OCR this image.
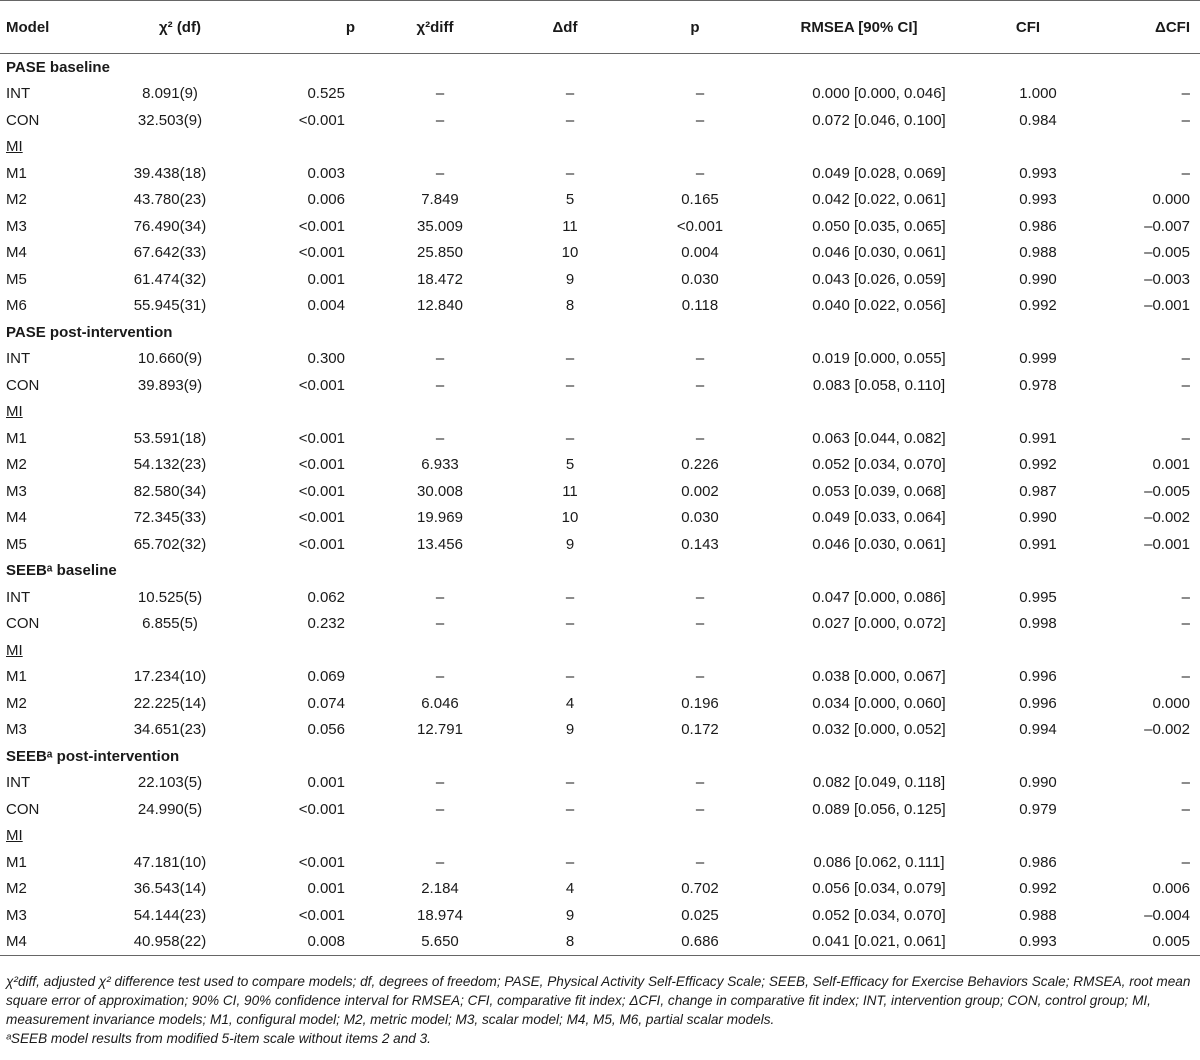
Model	χ² (df)	p	χ²diff	Δdf	p	RMSEA [90% CI]	CFI	ΔCFI
PASE baseline								
INT	8.091(9)	0.525	–	–	–	0.000 [0.000, 0.046]	1.000	–
CON	32.503(9)	<0.001	–	–	–	0.072 [0.046, 0.100]	0.984	–
MI								
M1	39.438(18)	0.003	–	–	–	0.049 [0.028, 0.069]	0.993	–
M2	43.780(23)	0.006	7.849	5	0.165	0.042 [0.022, 0.061]	0.993	0.000
M3	76.490(34)	<0.001	35.009	11	<0.001	0.050 [0.035, 0.065]	0.986	–0.007
M4	67.642(33)	<0.001	25.850	10	0.004	0.046 [0.030, 0.061]	0.988	–0.005
M5	61.474(32)	0.001	18.472	9	0.030	0.043 [0.026, 0.059]	0.990	–0.003
M6	55.945(31)	0.004	12.840	8	0.118	0.040 [0.022, 0.056]	0.992	–0.001
PASE post-intervention								
INT	10.660(9)	0.300	–	–	–	0.019 [0.000, 0.055]	0.999	–
CON	39.893(9)	<0.001	–	–	–	0.083 [0.058, 0.110]	0.978	–
MI								
M1	53.591(18)	<0.001	–	–	–	0.063 [0.044, 0.082]	0.991	–
M2	54.132(23)	<0.001	6.933	5	0.226	0.052 [0.034, 0.070]	0.992	0.001
M3	82.580(34)	<0.001	30.008	11	0.002	0.053 [0.039, 0.068]	0.987	–0.005
M4	72.345(33)	<0.001	19.969	10	0.030	0.049 [0.033, 0.064]	0.990	–0.002
M5	65.702(32)	<0.001	13.456	9	0.143	0.046 [0.030, 0.061]	0.991	–0.001
SEEBᵃ baseline								
INT	10.525(5)	0.062	–	–	–	0.047 [0.000, 0.086]	0.995	–
CON	6.855(5)	0.232	–	–	–	0.027 [0.000, 0.072]	0.998	–
MI								
M1	17.234(10)	0.069	–	–	–	0.038 [0.000, 0.067]	0.996	–
M2	22.225(14)	0.074	6.046	4	0.196	0.034 [0.000, 0.060]	0.996	0.000
M3	34.651(23)	0.056	12.791	9	0.172	0.032 [0.000, 0.052]	0.994	–0.002
SEEBᵃ post-intervention								
INT	22.103(5)	0.001	–	–	–	0.082 [0.049, 0.118]	0.990	–
CON	24.990(5)	<0.001	–	–	–	0.089 [0.056, 0.125]	0.979	–
MI								
M1	47.181(10)	<0.001	–	–	–	0.086 [0.062, 0.111]	0.986	–
M2	36.543(14)	0.001	2.184	4	0.702	0.056 [0.034, 0.079]	0.992	0.006
M3	54.144(23)	<0.001	18.974	9	0.025	0.052 [0.034, 0.070]	0.988	–0.004
M4	40.958(22)	0.008	5.650	8	0.686	0.041 [0.021, 0.061]	0.993	0.005

χ²diff, adjusted χ² difference test used to compare models; df, degrees of freedom; PASE, Physical Activity Self-Efficacy Scale; SEEB, Self-Efficacy for Exercise Behaviors Scale; RMSEA, root mean square error of approximation; 90% CI, 90% confidence interval for RMSEA; CFI, comparative fit index; ΔCFI, change in comparative fit index; INT, intervention group; CON, control group; MI, measurement invariance models; M1, configural model; M2, metric model; M3, scalar model; M4, M5, M6, partial scalar models.

ᵃSEEB model results from modified 5-item scale without items 2 and 3.
